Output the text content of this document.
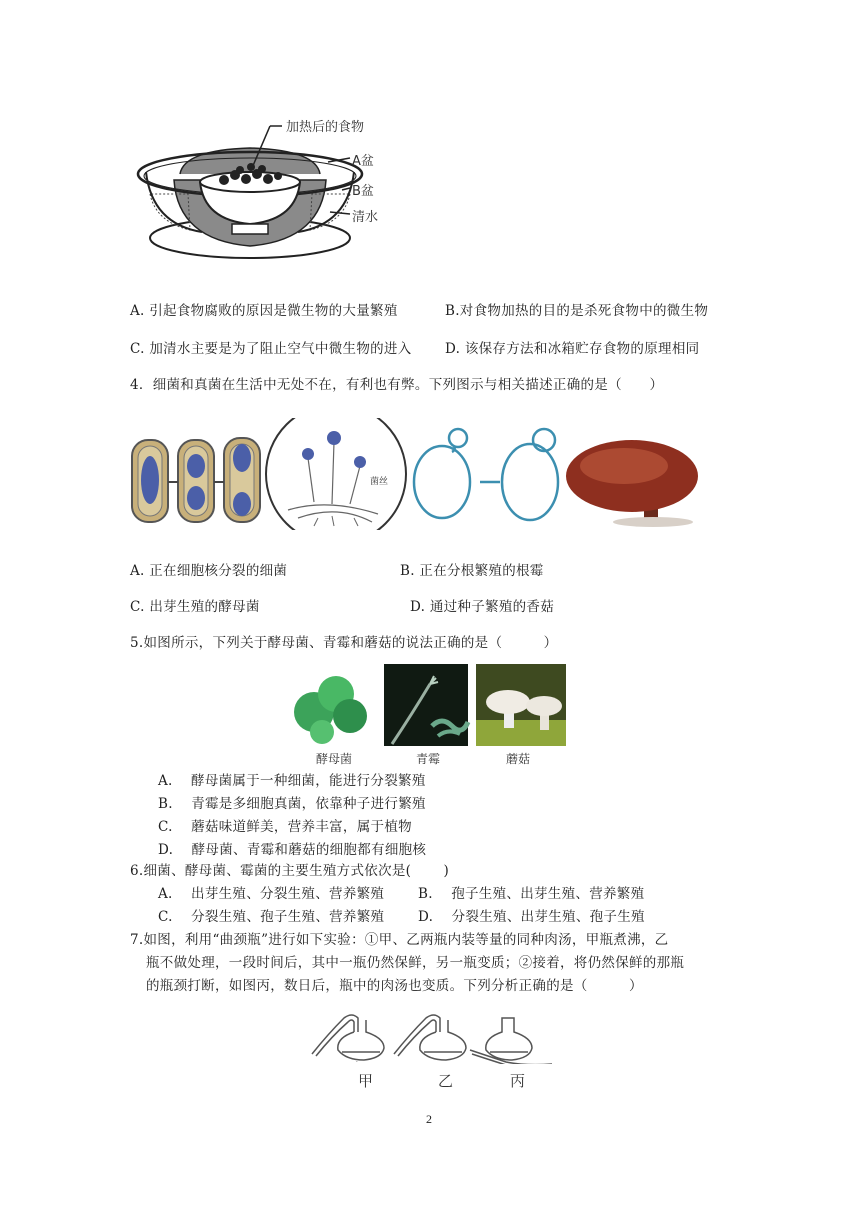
加热后的食物
A盆
B盆
清水
A. 引起食物腐败的原因是微生物的大量繁殖	B.对食物加热的目的是杀死食物中的微生物
C. 加清水主要是为了阻止空气中微生物的进入 D. 该保存方法和冰箱贮存食物的原理相同
4．细菌和真菌在生活中无处不在，有利也有弊。下列图示与相关描述正确的是（　　）
菌丝
A. 正在细胞核分裂的细菌	B. 正在分根繁殖的根霉
C. 出芽生殖的酵母菌	D. 通过种子繁殖的香菇
5.如图所示，下列关于酵母菌、青霉和蘑菇的说法正确的是（　　　）
酵母菌	青霉	蘑菇
A.　 酵母菌属于一种细菌，能进行分裂繁殖
B.　 青霉是多细胞真菌，依靠种子进行繁殖
C.　 蘑菇味道鲜美，营养丰富，属于植物
D.　 酵母菌、青霉和蘑菇的细胞都有细胞核
6.细菌、酵母菌、霉菌的主要生殖方式依次是(　　 )
A.　 出芽生殖、分裂生殖、营养繁殖	B.　 孢子生殖、出芽生殖、营养繁殖
C.　 分裂生殖、孢子生殖、营养繁殖 D.　 分裂生殖、出芽生殖、孢子生殖
7.如图，利用“曲颈瓶”进行如下实验：①甲、乙两瓶内装等量的同种肉汤，甲瓶煮沸，乙
瓶不做处理，一段时间后，其中一瓶仍然保鲜，另一瓶变质；②接着，将仍然保鲜的那瓶
的瓶颈打断，如图丙，数日后，瓶中的肉汤也变质。下列分析正确的是（　　　）
·:·
甲	乙	丙
2
